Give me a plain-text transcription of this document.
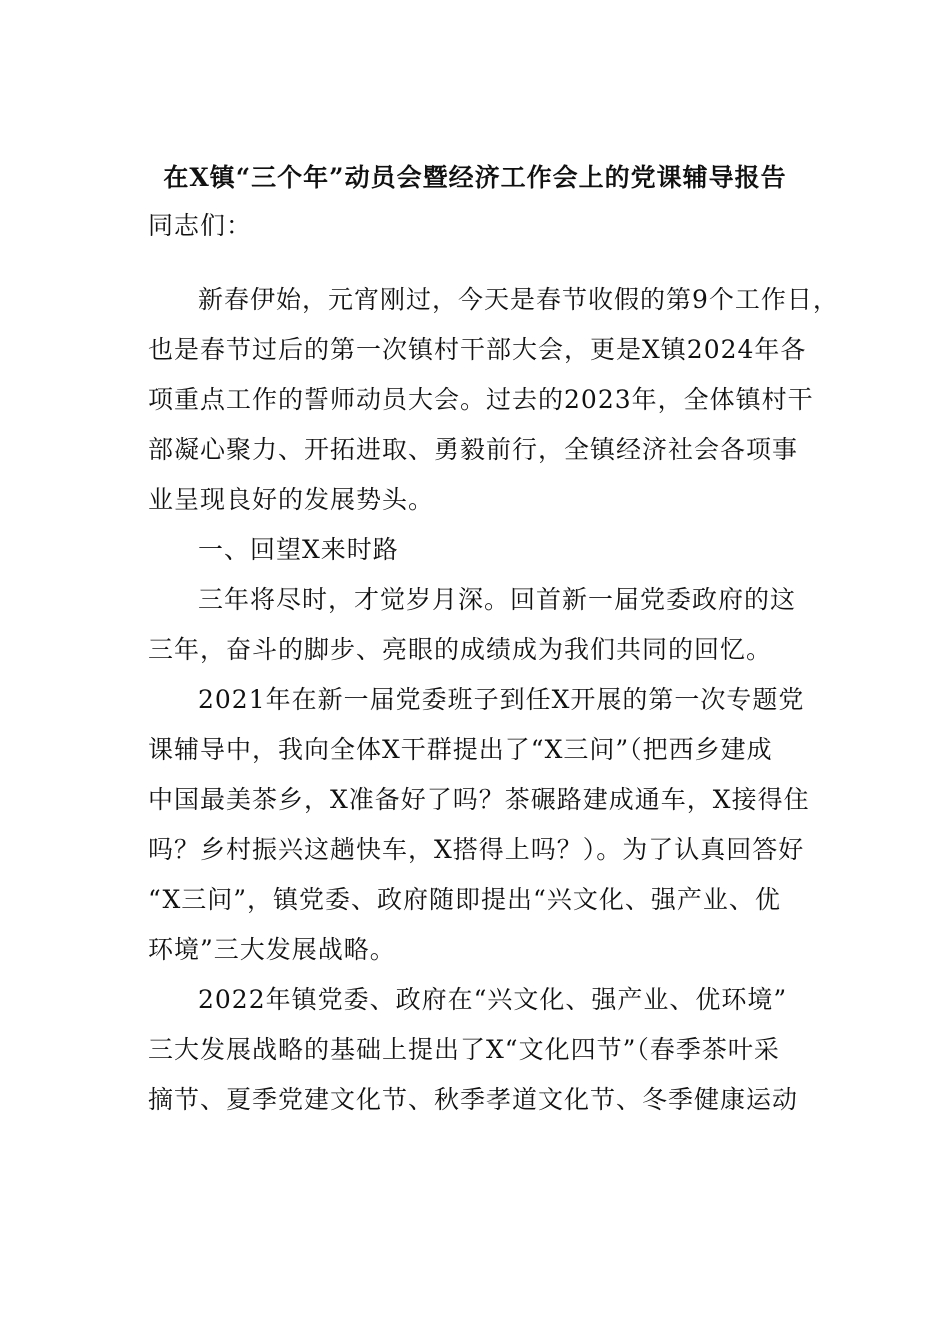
在X镇“三个年”动员会暨经济工作会上的党课辅导报告
同志们：
新春伊始，元宵刚过，今天是春节收假的第9个工作日，
也是春节过后的第一次镇村干部大会，更是X镇2024年各
项重点工作的誓师动员大会。过去的2023年，全体镇村干
部凝心聚力、开拓进取、勇毅前行，全镇经济社会各项事
业呈现良好的发展势头。
一、回望X来时路
三年将尽时，才觉岁月深。回首新一届党委政府的这
三年，奋斗的脚步、亮眼的成绩成为我们共同的回忆。
2021年在新一届党委班子到任X开展的第一次专题党
课辅导中，我向全体X干群提出了“X三问”（把西乡建成
中国最美茶乡，X准备好了吗？茶碾路建成通车，X接得住
吗？乡村振兴这趟快车，X搭得上吗？）。为了认真回答好
“X三问”，镇党委、政府随即提出“兴文化、强产业、优
环境”三大发展战略。
2022年镇党委、政府在“兴文化、强产业、优环境”
三大发展战略的基础上提出了X“文化四节”（春季茶叶采
摘节、夏季党建文化节、秋季孝道文化节、冬季健康运动
